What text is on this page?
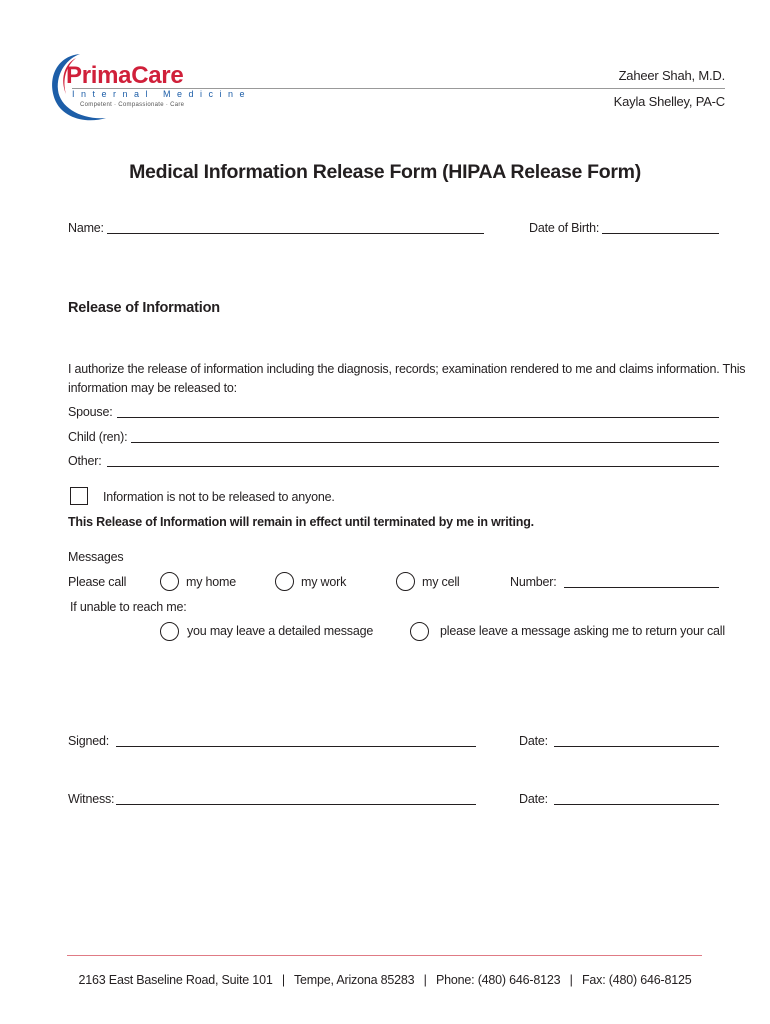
PrimaCare
Internal Medicine
Competent · Compassionate · Care
Zaheer Shah, M.D.
Kayla Shelley, PA-C
Medical Information Release Form (HIPAA Release Form)
Name:	Date of Birth:
Release of Information
I authorize the release of information including the diagnosis, records; examination rendered to me and claims information. This
information may be released to:
Spouse:
Child (ren):
Other:
Information is not to be released to anyone.
This Release of Information will remain in effect until terminated by me in writing.
Messages
Please call	my home	my work	my cell	Number:
If unable to reach me:
you may leave a detailed message	please leave a message asking me to return your call
Signed:	Date:
Witness:	Date:
2163 East Baseline Road, Suite 101 | Tempe, Arizona 85283 | Phone: (480) 646-8123 | Fax: (480) 646-8125
